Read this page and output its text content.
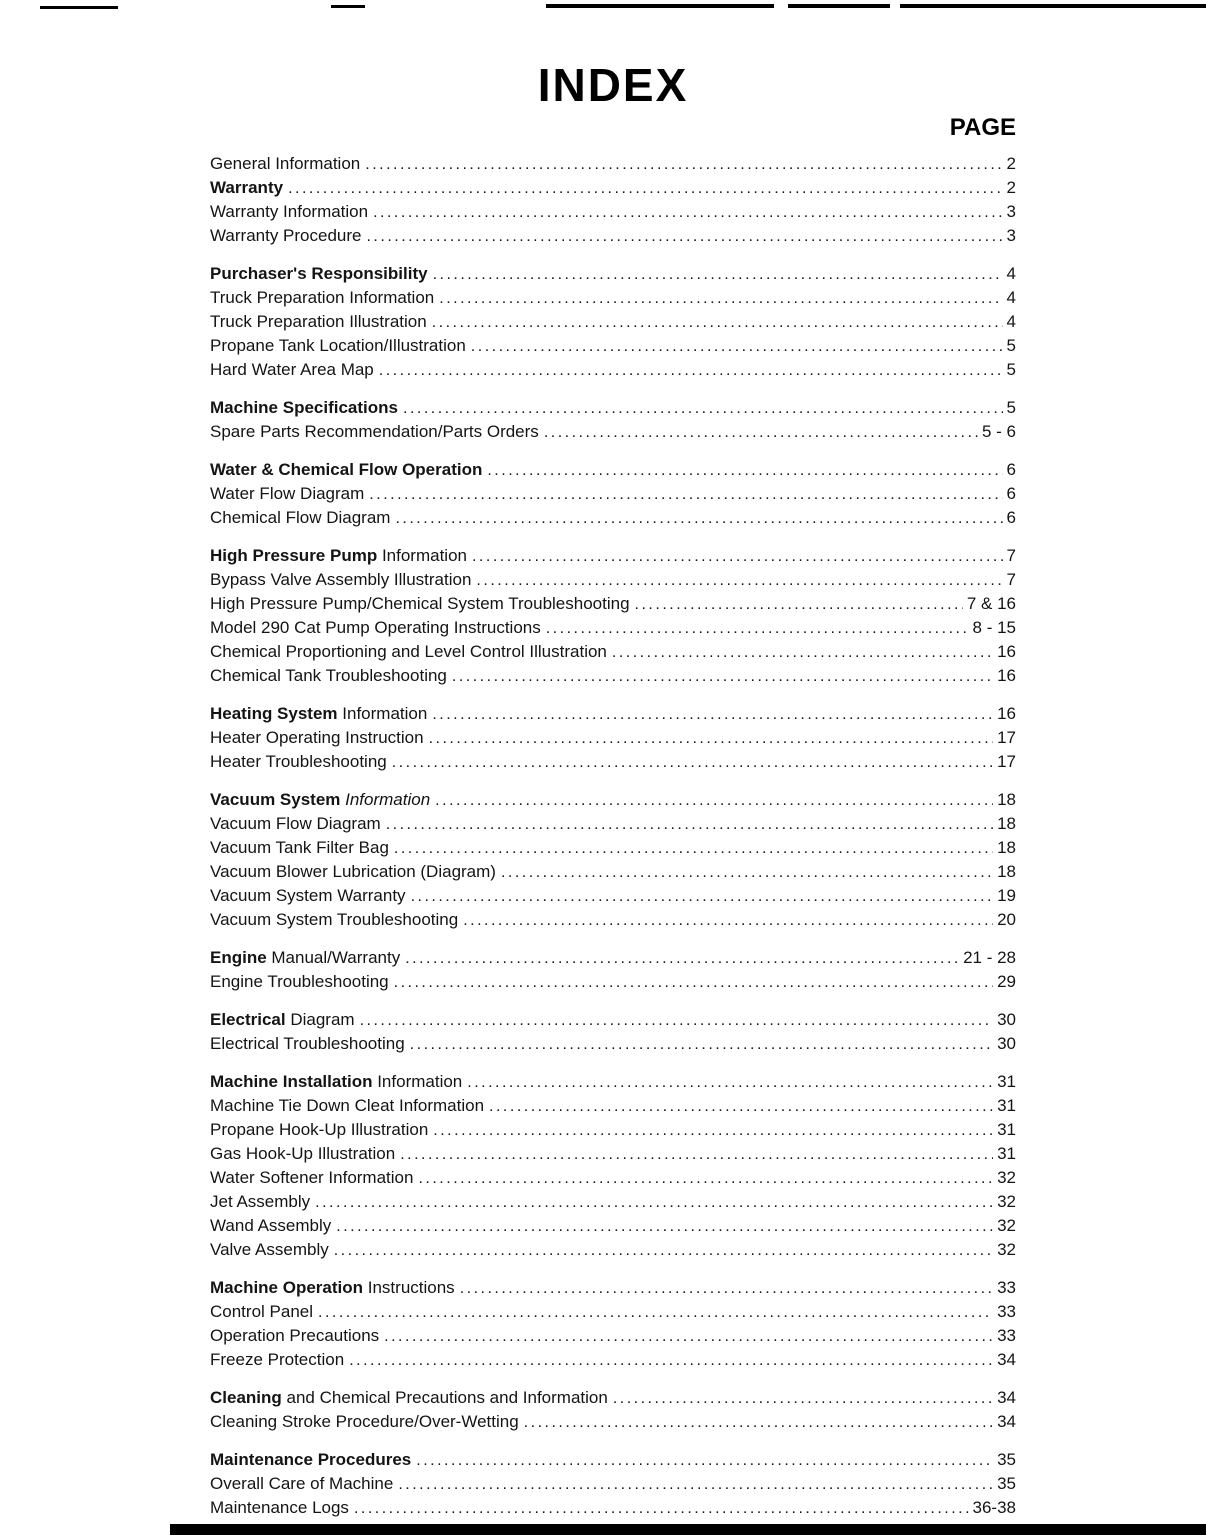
INDEX
PAGE
General Information .....	2
Warranty .....	2
Warranty Information .....	3
Warranty Procedure .....	3
Purchaser's Responsibility .....	4
Truck Preparation Information .....	4
Truck Preparation Illustration .....	4
Propane Tank Location/Illustration .....	5
Hard Water Area Map .....	5
Machine Specifications .....	5
Spare Parts Recommendation/Parts Orders .....	5 - 6
Water & Chemical Flow Operation .....	6
Water Flow Diagram .....	6
Chemical Flow Diagram .....	6
High Pressure Pump Information .....	7
Bypass Valve Assembly Illustration .....	7
High Pressure Pump/Chemical System Troubleshooting .....	7 & 16
Model 290 Cat Pump Operating Instructions .....	8 - 15
Chemical Proportioning and Level Control Illustration .....	16
Chemical Tank Troubleshooting .....	16
Heating System Information .....	16
Heater Operating Instruction .....	17
Heater Troubleshooting .....	17
Vacuum System Information .....	18
Vacuum Flow Diagram .....	18
Vacuum Tank Filter Bag .....	18
Vacuum Blower Lubrication (Diagram) .....	18
Vacuum System Warranty .....	19
Vacuum System Troubleshooting .....	20
Engine Manual/Warranty .....	21 - 28
Engine Troubleshooting .....	29
Electrical Diagram .....	30
Electrical Troubleshooting .....	30
Machine Installation Information .....	31
Machine Tie Down Cleat Information .....	31
Propane Hook-Up Illustration .....	31
Gas Hook-Up Illustration .....	31
Water Softener Information .....	32
Jet Assembly .....	32
Wand Assembly .....	32
Valve Assembly .....	32
Machine Operation Instructions .....	33
Control Panel .....	33
Operation Precautions .....	33
Freeze Protection .....	34
Cleaning and Chemical Precautions and Information .....	34
Cleaning Stroke Procedure/Over-Wetting .....	34
Maintenance Procedures .....	35
Overall Care of Machine .....	35
Maintenance Logs .....	36-38
